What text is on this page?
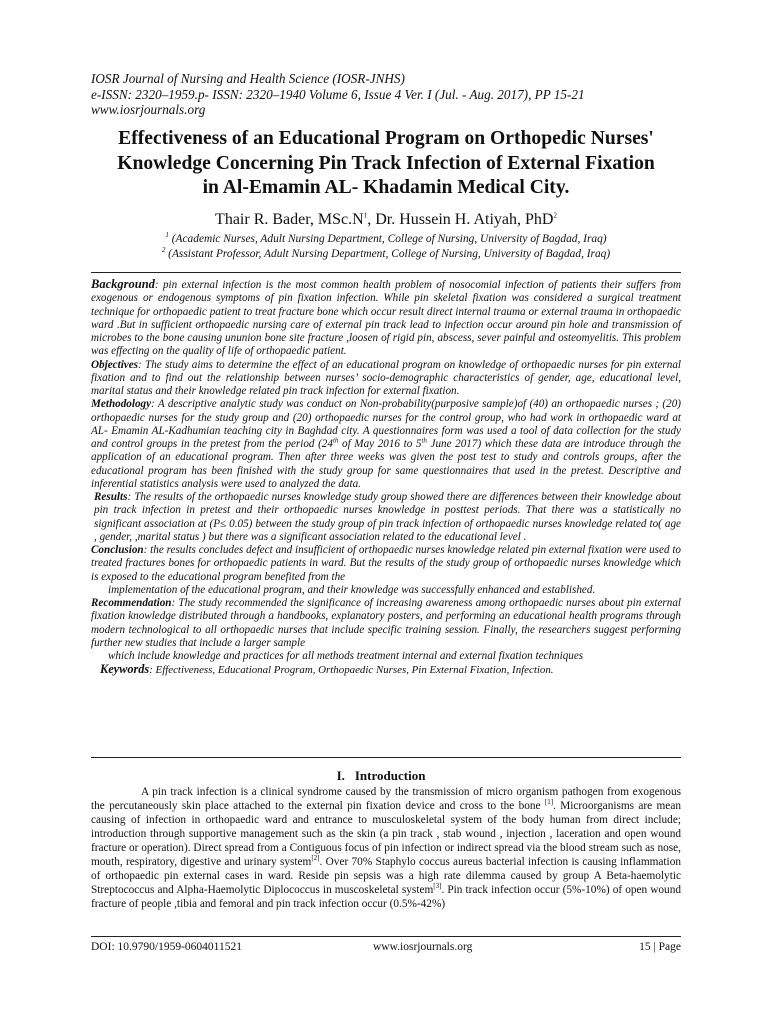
IOSR Journal of Nursing and Health Science (IOSR-JNHS)
e-ISSN: 2320–1959.p- ISSN: 2320–1940 Volume 6, Issue 4 Ver. I (Jul. - Aug. 2017), PP 15-21
www.iosrjournals.org
Effectiveness of an Educational Program on Orthopedic Nurses'
Knowledge Concerning Pin Track Infection of External Fixation
in Al-Emamin AL- Khadamin Medical City.
Thair R. Bader, $MSc.N^1$, Dr. Hussein H. Atiyah, PhD$^2$
$^1$ (Academic Nurses, Adult Nursing Department, College of Nursing, University of Bagdad, Iraq)
$^2$ (Assistant Professor, Adult Nursing Department, College of Nursing, University of Bagdad, Iraq)

Background: pin external infection is the most common health problem of nosocomial infection of patients their suffers from exogenous or endogenous symptoms of pin fixation infection. While pin skeletal fixation was considered a surgical treatment technique for orthopaedic patient to treat fracture bone which occur result direct internal trauma or external trauma in orthopaedic ward .But in sufficient orthopaedic nursing care of external pin track lead to infection occur around pin hole and transmission of microbes to the bone causing ununion bone site fracture ,loosen of rigid pin, abscess, sever painful and osteomyelitis. This problem was effecting on the quality of life of orthopaedic patient.

Objectives: The study aims to determine the effect of an educational program on knowledge of orthopaedic nurses for pin external fixation and to find out the relationship between nurses’ socio-demographic characteristics of gender, age, educational level, marital status and their knowledge related pin track infection for external fixation.

Methodology: A descriptive analytic study was conduct on Non-probability(purposive sample)of (40) an orthopaedic nurses ; (20) orthopaedic nurses for the study group and (20) orthopaedic nurses for the control group, who had work in orthopaedic ward at AL- Emamin AL-Kadhumian teaching city in Baghdad city. A questionnaires form was used a tool of data collection for the study and control groups in the pretest from the period (24th of May 2016 to 5th June 2017) which these data are introduce through the application of an educational program. Then after three weeks was given the post test to study and controls groups, after the educational program has been finished with the study group for same questionnaires that used in the pretest. Descriptive and inferential statistics analysis were used to analyzed the data.

Results: The results of the orthopaedic nurses knowledge study group showed there are differences between their knowledge about pin track infection in pretest and their orthopaedic nurses knowledge in posttest periods. That there was a statistically no significant association at (P≤ 0.05) between the study group of pin track infection of orthopaedic nurses knowledge related to( age , gender, ,marital status ) but there was a significant association related to the educational level .

Conclusion: the results concludes defect and insufficient of orthopaedic nurses knowledge related pin external fixation were used to treated fractures bones for orthopaedic patients in ward. But the results of the study group of orthopaedic nurses knowledge which is exposed to the educational program benefited from the

implementation of the educational program, and their knowledge was successfully enhanced and established.

Recommendation: The study recommended the significance of increasing awareness among orthopaedic nurses about pin external fixation knowledge distributed through a handbooks, explanatory posters, and performing an educational health programs through modern technological to all orthopaedic nurses that include specific training session. Finally, the researchers suggest performing further new studies that include a larger sample

which include knowledge and practices for all methods treatment internal and external fixation techniques

Keywords: Effectiveness, Educational Program, Orthopaedic Nurses, Pin External Fixation, Infection.

I. Introduction

A pin track infection is a clinical syndrome caused by the transmission of micro organism pathogen from exogenous the percutaneously skin place attached to the external pin fixation device and cross to the bone [1]. Microorganisms are mean causing of infection in orthopaedic ward and entrance to musculoskeletal system of the body human from direct include; introduction through supportive management such as the skin (a pin track , stab wound , injection , laceration and open wound fracture or operation). Direct spread from a Contiguous focus of pin infection or indirect spread via the blood stream such as nose, mouth, respiratory, digestive and urinary system[2]. Over 70% Staphylo coccus aureus bacterial infection is causing inflammation of orthopaedic pin external cases in ward. Reside pin sepsis was a high rate dilemma caused by group A Beta-haemolytic Streptococcus and Alpha-Haemolytic Diplococcus in muscoskeletal system[3]. Pin track infection occur (5%-10%) of open wound fracture of people ,tibia and femoral and pin track infection occur (0.5%-42%)

DOI: 10.9790/1959-0604011521	www.iosrjournals.org	15 | Page
